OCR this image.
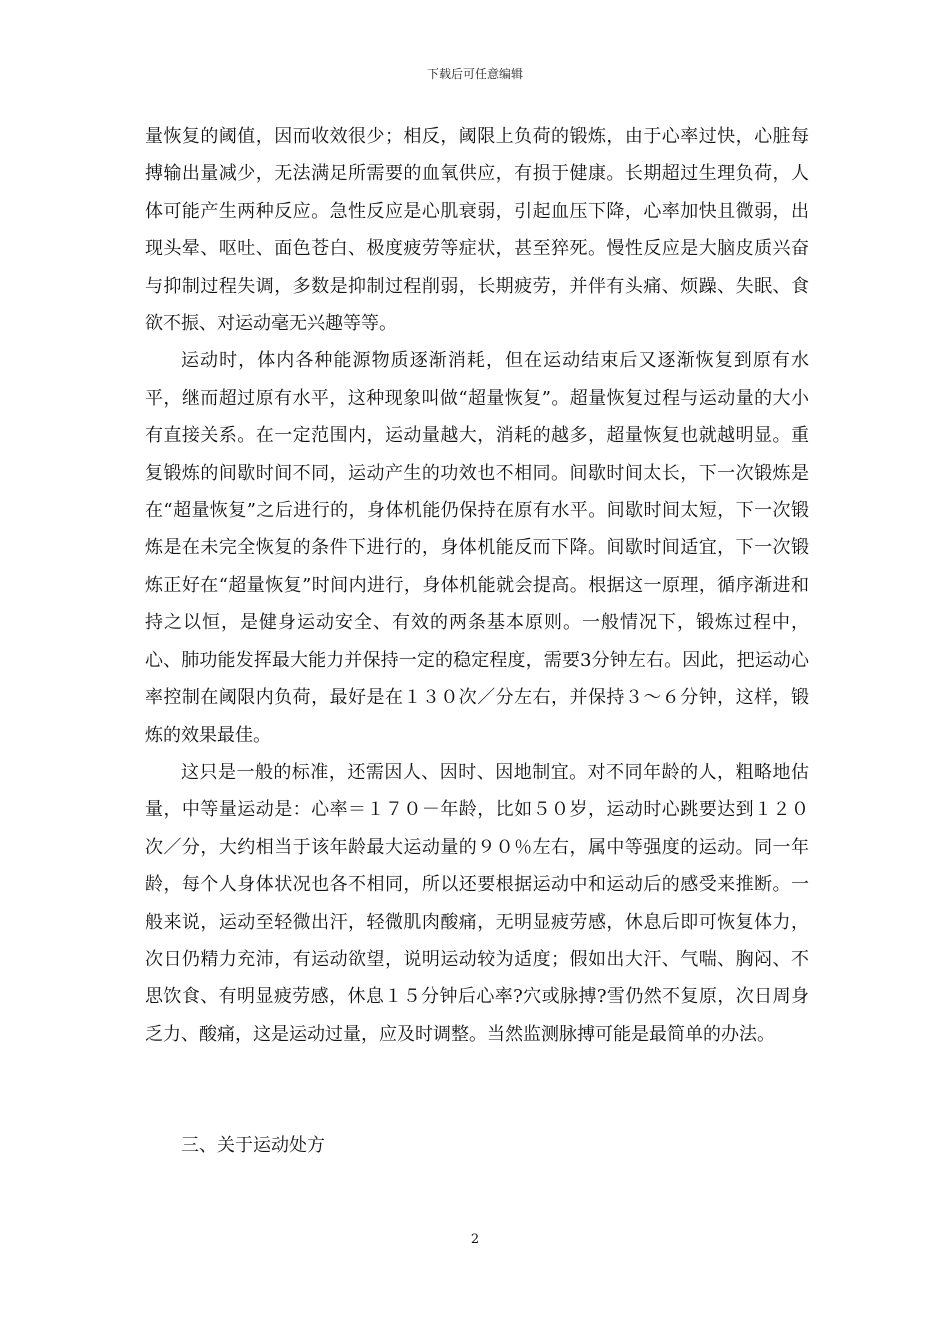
下载后可任意编辑

量恢复的阈值，因而收效很少；相反，阈限上负荷的锻炼，由于心率过快，心脏每搏输出量减少，无法满足所需要的血氧供应，有损于健康。长期超过生理负荷，人体可能产生两种反应。急性反应是心肌衰弱，引起血压下降，心率加快且微弱，出现头晕、呕吐、面色苍白、极度疲劳等症状，甚至猝死。慢性反应是大脑皮质兴奋与抑制过程失调，多数是抑制过程削弱，长期疲劳，并伴有头痛、烦躁、失眠、食欲不振、对运动毫无兴趣等等。

运动时，体内各种能源物质逐渐消耗，但在运动结束后又逐渐恢复到原有水平，继而超过原有水平，这种现象叫做“超量恢复”。超量恢复过程与运动量的大小有直接关系。在一定范围内，运动量越大，消耗的越多，超量恢复也就越明显。重复锻炼的间歇时间不同，运动产生的功效也不相同。间歇时间太长，下一次锻炼是在“超量恢复”之后进行的，身体机能仍保持在原有水平。间歇时间太短，下一次锻炼是在未完全恢复的条件下进行的，身体机能反而下降。间歇时间适宜，下一次锻炼正好在“超量恢复”时间内进行，身体机能就会提高。根据这一原理，循序渐进和持之以恒，是健身运动安全、有效的两条基本原则。一般情况下，锻炼过程中，心、肺功能发挥最大能力并保持一定的稳定程度，需要3分钟左右。因此，把运动心率控制在阈限内负荷，最好是在１３０次／分左右，并保持３～６分钟，这样，锻炼的效果最佳。

这只是一般的标准，还需因人、因时、因地制宜。对不同年龄的人，粗略地估量，中等量运动是：心率＝１７０－年龄，比如５０岁，运动时心跳要达到１２０次／分，大约相当于该年龄最大运动量的９０％左右，属中等强度的运动。同一年龄，每个人身体状况也各不相同，所以还要根据运动中和运动后的感受来推断。一般来说，运动至轻微出汗，轻微肌肉酸痛，无明显疲劳感，休息后即可恢复体力，次日仍精力充沛，有运动欲望，说明运动较为适度；假如出大汗、气喘、胸闷、不思饮食、有明显疲劳感，休息１５分钟后心率?穴或脉搏?雪仍然不复原，次日周身乏力、酸痛，这是运动过量，应及时调整。当然监测脉搏可能是最简单的办法。

三、关于运动处方
2
